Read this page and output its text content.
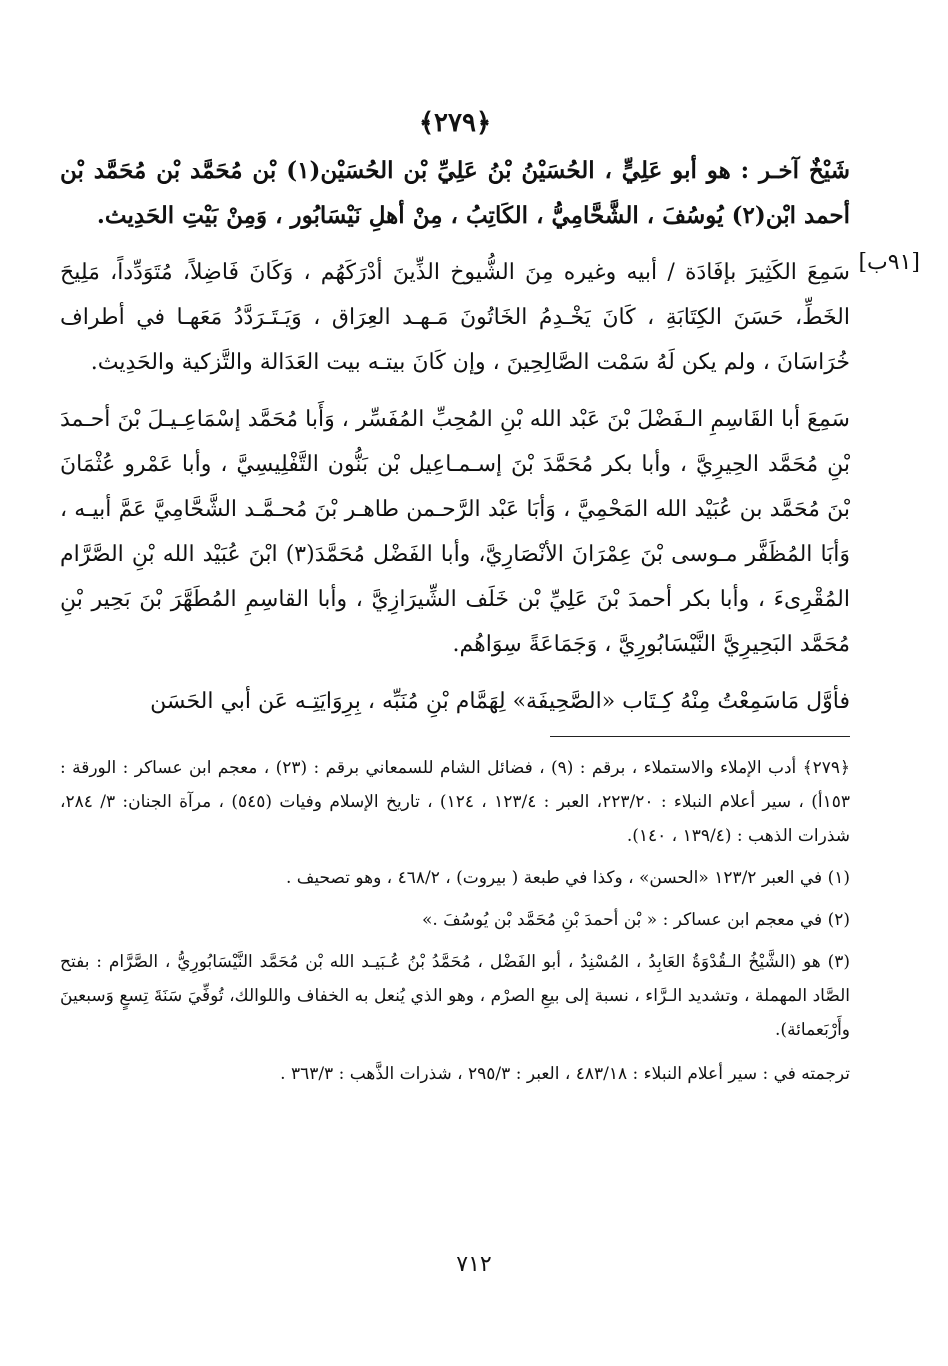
﴿٢٧٩﴾

شَيْخٌ آخـر : هو أبو عَلِيٍّ ، الحُسَيْنُ بْنُ عَلِيِّ بْن الحُسَيْن(١) بْن مُحَمَّد بْن مُحَمَّد بْن أحمد ابْن(٢) يُوسُفَ ، الشَّحَّامِيُّ ، الكَاتِبُ ، مِنْ أهلِ نَيْسَابُور ، وَمِنْ بَيْتِ الحَدِيث.

[٩١ب]

سَمِعَ الكَثِيرَ بإفَادَة / أبيه وغيره مِنَ الشُّيوخ الذِّينَ أدْرَكَهُم ، وَكَانَ فَاضِلاً، مُتَوَدِّداً، مَلِيحَ الخَطِّ، حَسَنَ الكِتَابَةِ ، كَانَ يَخْـدِمُ الخَاتُونَ مَـهـد العِرَاق ، وَيَـتَـرَدَّدُ مَعَهـا في أطراف خُرَاسَانَ ، ولم يكن لَهُ سَمْت الصَّالِحِينَ ، وإن كَانَ بيتـه بيت العَدَالة والتَّزكية والحَدِيث.

سَمِعَ أبا القَاسِمِ الـفَضْلَ بْنَ عَبْد الله بْنِ المُحِبِّ المُفَسِّر ، وَأَبا مُحَمَّد إسْمَاعِـيـلَ بْنَ أحـمدَ بْنِ مُحَمَّد الحِيرِيَّ ، وأبا بكر مُحَمَّدَ بْنَ إسـمـاعِيل بْن بَنُّون التَّفْلِيسِيَّ ، وأبا عَمْرو عُثْمَانَ بْنَ مُحَمَّد بن عُبَيْد الله المَحْمِيَّ ، وَأبَا عَبْد الرَّحـمن طاهـر بْنَ مُحـمَّـد الشَّحَّامِيَّ عَمَّ أبيـه ، وَأبَا المُظَفَّر مـوسى بْنَ عِمْرَانَ الأنْصَارِيَّ، وأبا الفَضْل مُحَمَّدَ(٣) ابْنَ عُبَيْد الله بْنِ الصَّرَّام المُقْرِىءَ ، وأبا بكر أحمدَ بْنَ عَلِيِّ بْن خَلَف الشِّيرَازِيَّ ، وأبا القاسِمِ المُطَهَّرَ بْنَ بَحِير بْنِ مُحَمَّد البَحِيرِيَّ النَّيْسَابُورِيَّ ، وَجَمَاعَةً سِوَاهُم.

فأوَّل مَاسَمِعْتُ مِنْهُ كِـتَاب «الصَّحِيفَة» لِهَمَّام بْنِ مُنَبِّه ، بِرِوَايَتِـه عَن أبي الحَسَن

﴿٢٧٩﴾ أدب الإملاء والاستملاء ، برقم : (٩) ، فضائل الشام للسمعاني برقم : (٢٣) ، معجم ابن عساكر : الورقة : ١٥٣أ) ، سير أعلام النبلاء : ٢٢٣/٢٠، العبر : ١٢٣/٤ ، ١٢٤) ، تاريخ الإسلام وفيات (٥٤٥) ، مرآة الجنان: ٣/ ٢٨٤، شذرات الذهب : (١٣٩/٤ ، ١٤٠).

(١) في العبر ١٢٣/٢ «الحسن» ، وكذا في طبعة ( بيروت) ، ٤٦٨/٢ ، وهو تصحيف .

(٢) في معجم ابن عساكر : « بْن أحمدَ بْنِ مُحَمَّد بْن يُوسُفَ .»

(٣) هو (الشَّيْخُ الـقُدْوَةُ العَابِدُ ، المُسْنِدُ ، أبو الفَضْل ، مُحَمَّدُ بْنُ عُـبَيـد الله بْن مُحَمَّد النَّيْسَابُورِيُّ ، الصَّرَّام : بفتح الصَّاد المهملة ، وتشديد الـرَّاء ، نسبة إلى بيعِ الصرْم ، وهو الذي يُنعل به الخفاف واللوالك، تُوفِّيَ سَنَةَ تِسعٍ وَسبعينَ وأَرْبَعمائة).

ترجمته في : سير أعلام النبلاء : ٤٨٣/١٨ ، العبر : ٢٩٥/٣ ، شذرات الذَّهب : ٣٦٣/٣ .

٧١٢
